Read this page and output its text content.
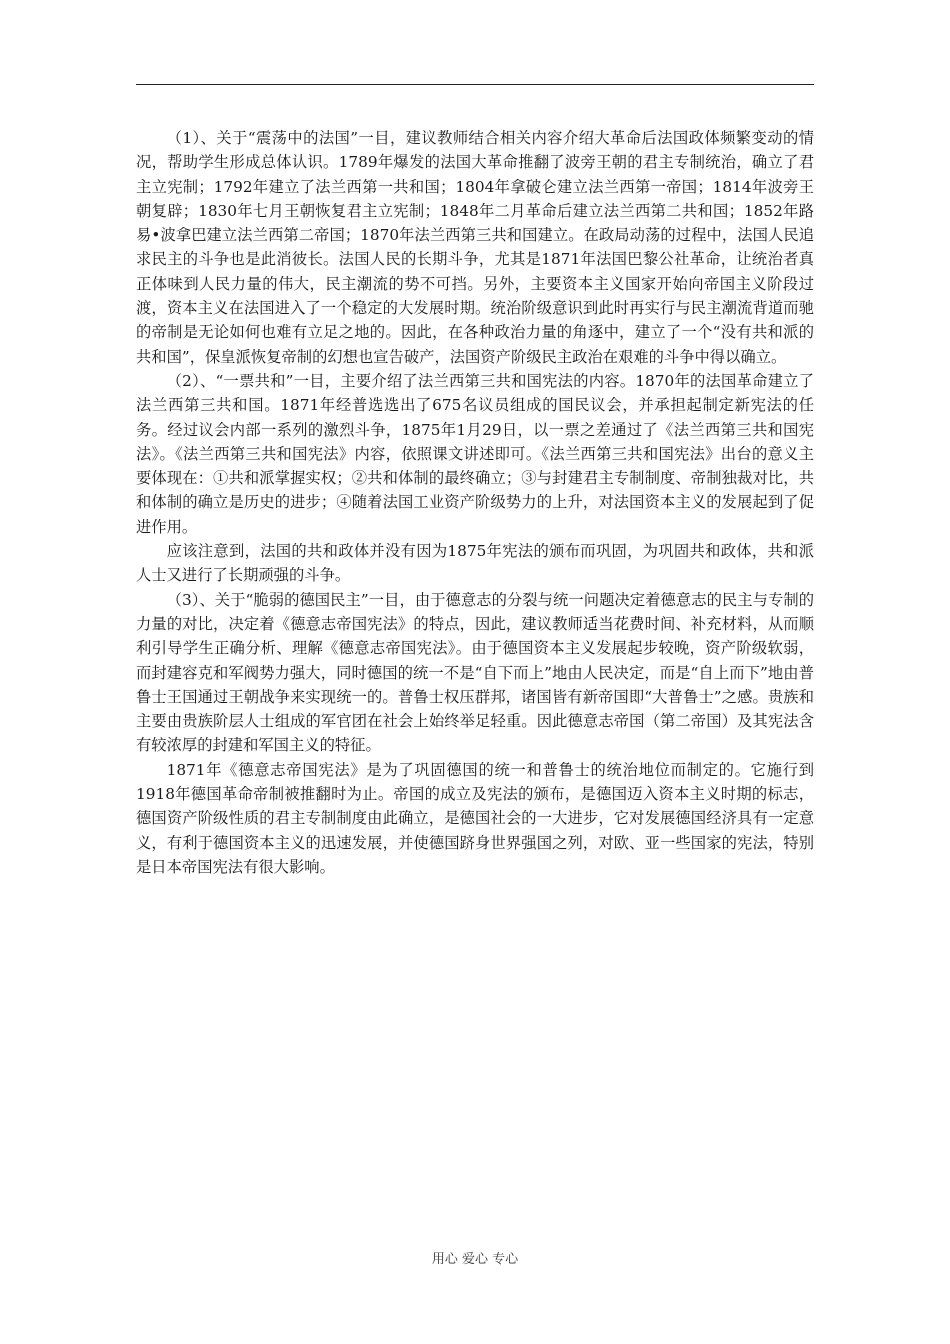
（1）、关于“震荡中的法国”一目，建议教师结合相关内容介绍大革命后法国政体频繁变动的情况，帮助学生形成总体认识。1789年爆发的法国大革命推翻了波旁王朝的君主专制统治，确立了君主立宪制；1792年建立了法兰西第一共和国；1804年拿破仑建立法兰西第一帝国；1814年波旁王朝复辟；1830年七月王朝恢复君主立宪制；1848年二月革命后建立法兰西第二共和国；1852年路易•波拿巴建立法兰西第二帝国；1870年法兰西第三共和国建立。在政局动荡的过程中，法国人民追求民主的斗争也是此消彼长。法国人民的长期斗争，尤其是1871年法国巴黎公社革命，让统治者真正体味到人民力量的伟大，民主潮流的势不可挡。另外，主要资本主义国家开始向帝国主义阶段过渡，资本主义在法国进入了一个稳定的大发展时期。统治阶级意识到此时再实行与民主潮流背道而驰的帝制是无论如何也难有立足之地的。因此，在各种政治力量的角逐中，建立了一个“没有共和派的共和国”，保皇派恢复帝制的幻想也宣告破产，法国资产阶级民主政治在艰难的斗争中得以确立。

（2）、“一票共和”一目，主要介绍了法兰西第三共和国宪法的内容。1870年的法国革命建立了法兰西第三共和国。1871年经普选选出了675名议员组成的国民议会，并承担起制定新宪法的任务。经过议会内部一系列的激烈斗争，1875年1月29日，以一票之差通过了《法兰西第三共和国宪法》。《法兰西第三共和国宪法》内容，依照课文讲述即可。《法兰西第三共和国宪法》出台的意义主要体现在：①共和派掌握实权；②共和体制的最终确立；③与封建君主专制制度、帝制独裁对比，共和体制的确立是历史的进步；④随着法国工业资产阶级势力的上升，对法国资本主义的发展起到了促进作用。

应该注意到，法国的共和政体并没有因为1875年宪法的颁布而巩固，为巩固共和政体，共和派人士又进行了长期顽强的斗争。

（3）、关于“脆弱的德国民主”一目，由于德意志的分裂与统一问题决定着德意志的民主与专制的力量的对比，决定着《德意志帝国宪法》的特点，因此，建议教师适当花费时间、补充材料，从而顺利引导学生正确分析、理解《德意志帝国宪法》。由于德国资本主义发展起步较晚，资产阶级软弱，而封建容克和军阀势力强大，同时德国的统一不是“自下而上”地由人民决定，而是“自上而下”地由普鲁士王国通过王朝战争来实现统一的。普鲁士权压群邦，诸国皆有新帝国即“大普鲁士”之感。贵族和主要由贵族阶层人士组成的军官团在社会上始终举足轻重。因此德意志帝国（第二帝国）及其宪法含有较浓厚的封建和军国主义的特征。

1871年《德意志帝国宪法》是为了巩固德国的统一和普鲁士的统治地位而制定的。它施行到1918年德国革命帝制被推翻时为止。帝国的成立及宪法的颁布，是德国迈入资本主义时期的标志，德国资产阶级性质的君主专制制度由此确立，是德国社会的一大进步，它对发展德国经济具有一定意义，有利于德国资本主义的迅速发展，并使德国跻身世界强国之列，对欧、亚一些国家的宪法，特别是日本帝国宪法有很大影响。

用心 爱心 专心
